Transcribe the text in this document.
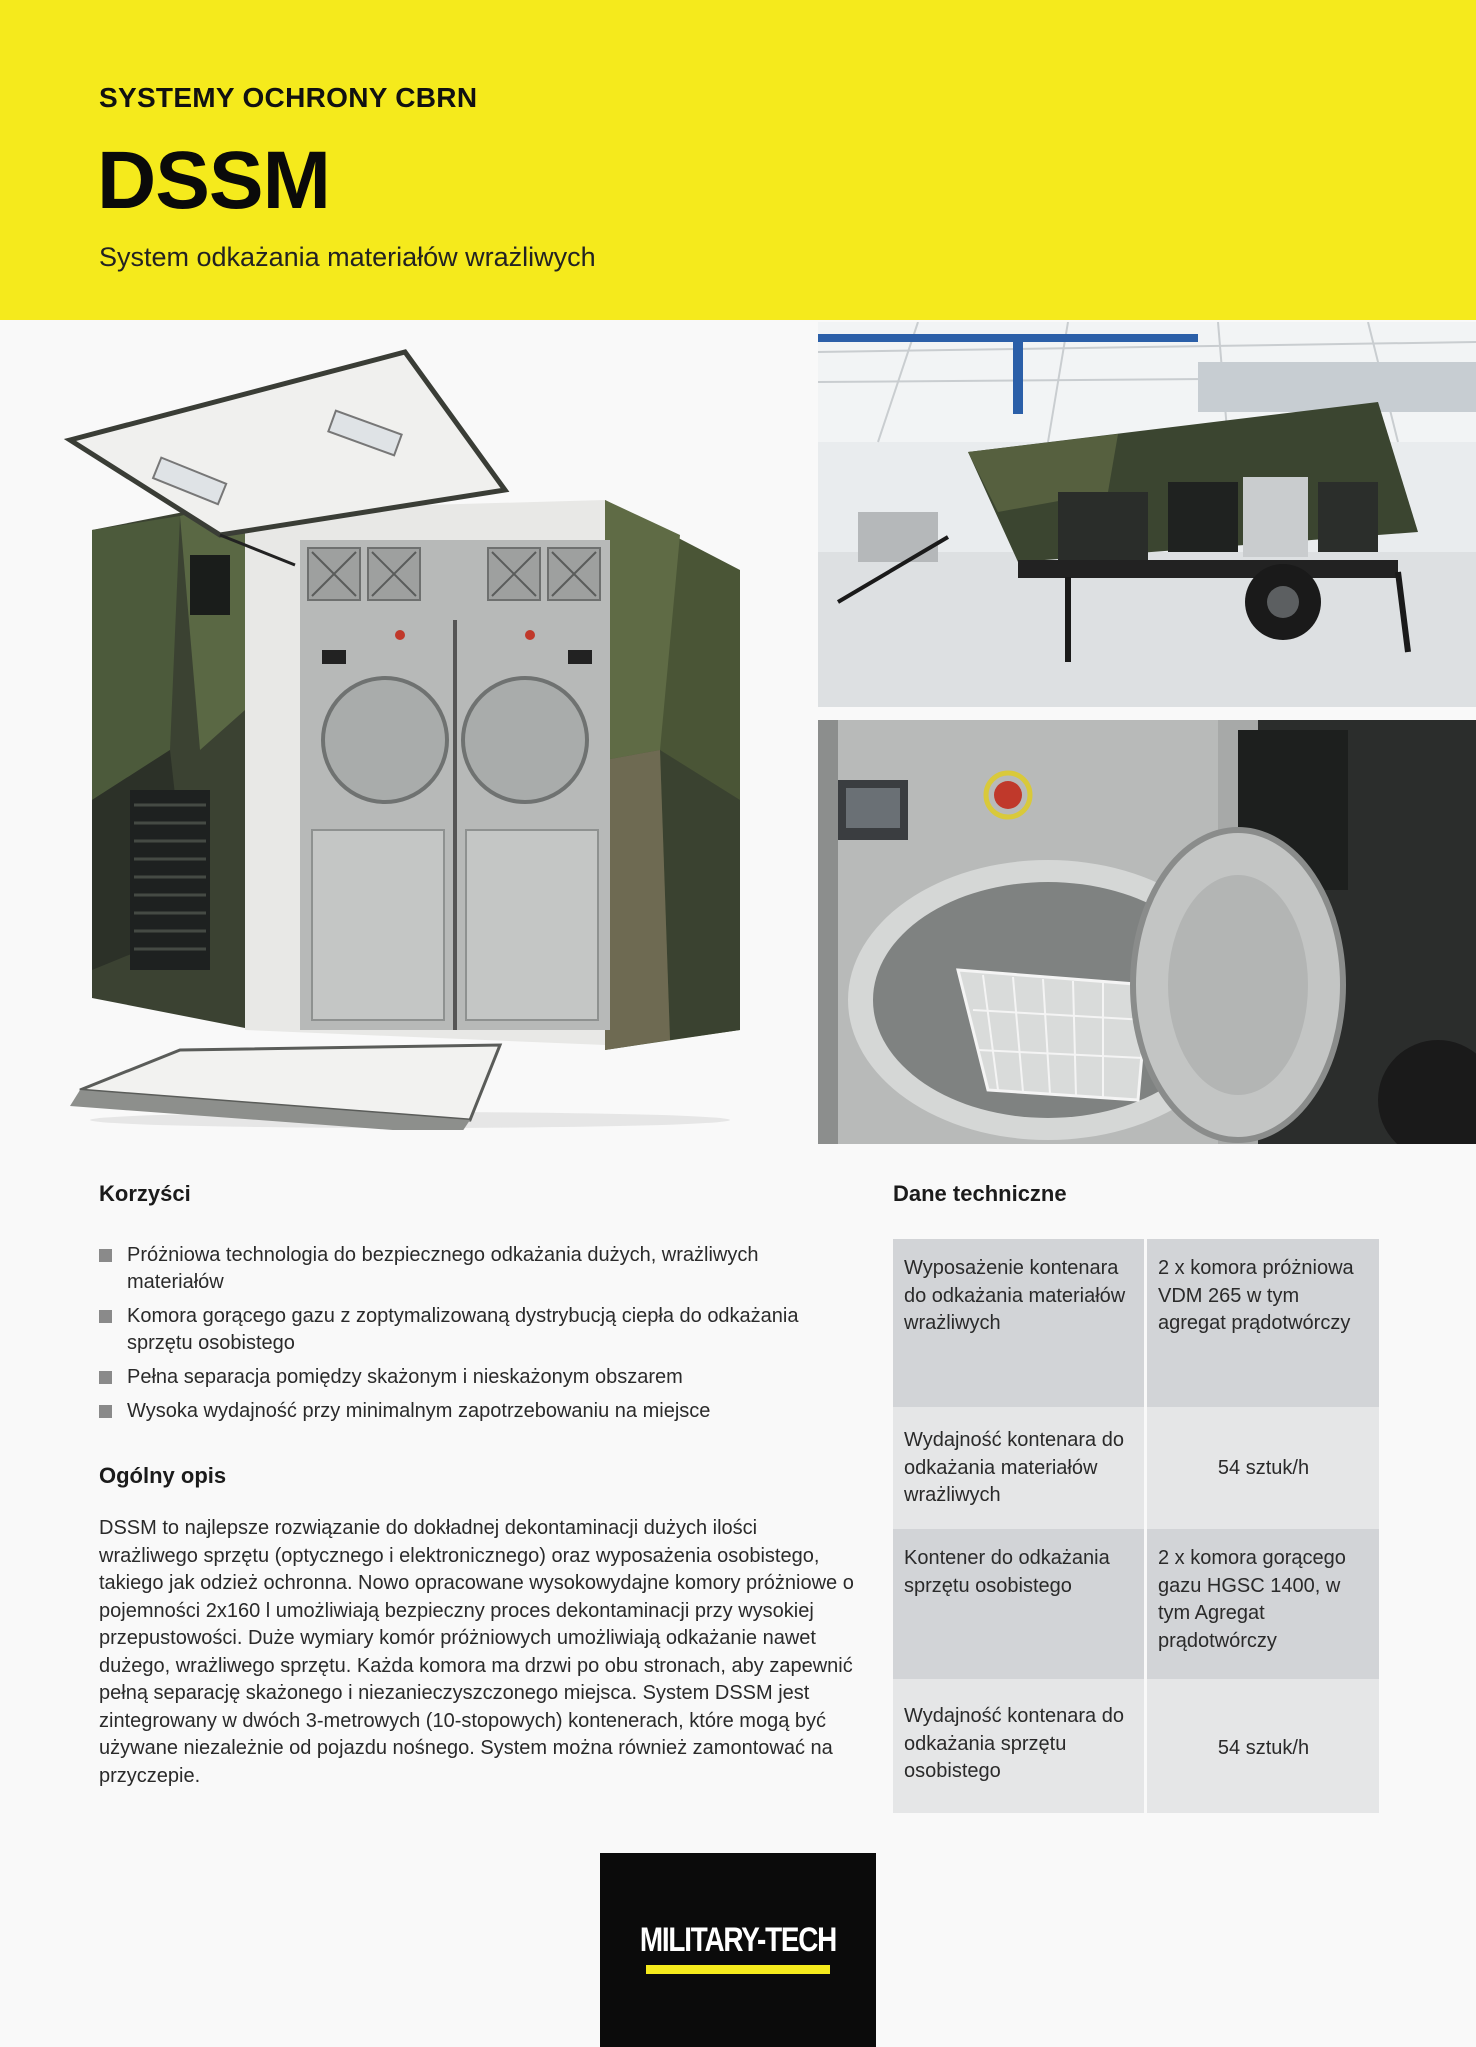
SYSTEMY OCHRONY CBRN
DSSM
System odkażania materiałów wrażliwych
Korzyści
Próżniowa technologia do bezpiecznego odkażania dużych, wrażliwych materiałów
Komora gorącego gazu z zoptymalizowaną dystrybucją ciepła do odkażania sprzętu osobistego
Pełna separacja pomiędzy skażonym i nieskażonym obszarem
Wysoka wydajność przy minimalnym zapotrzebowaniu na miejsce
Ogólny opis

DSSM to najlepsze rozwiązanie do dokładnej dekontaminacji dużych ilości wrażliwego sprzętu (optycznego i elektronicznego) oraz wyposażenia osobistego, takiego jak odzież ochronna. Nowo opracowane wysokowydajne komory próżniowe o pojemności 2x160 l umożliwiają bezpieczny proces dekontaminacji przy wysokiej przepustowości. Duże wymiary komór próżniowych umożliwiają odkażanie nawet dużego, wrażliwego sprzętu. Każda komora ma drzwi po obu stronach, aby zapewnić pełną separację skażonego i niezanieczyszczonego miejsca. System DSSM jest zintegrowany w dwóch 3-metrowych (10-stopowych) kontenerach, które mogą być używane niezależnie od pojazdu nośnego. System można również zamontować na przyczepie.

Dane techniczne
Wyposażenie kontenara do odkażania materiałów wrażliwych	2 x komora próżniowa VDM 265 w tym agregat prądotwórczy
Wydajność kontenara do odkażania materiałów wrażliwych	54 sztuk/h
Kontener do odkażania sprzętu osobistego	2 x komora gorącego gazu HGSC 1400, w tym Agregat prądotwórczy
Wydajność kontenara do odkażania sprzętu osobistego	54 sztuk/h
MILITARY-TECH
